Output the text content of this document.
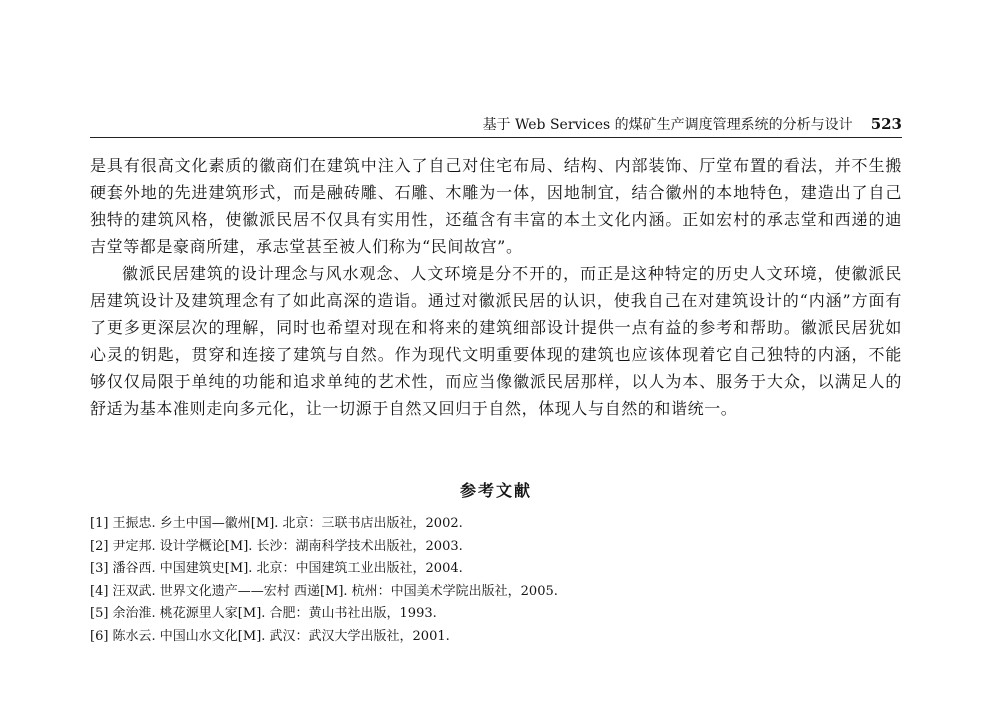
基于 Web Services 的煤矿生产调度管理系统的分析与设计 523

是具有很高文化素质的徽商们在建筑中注入了自己对住宅布局、结构、内部装饰、厅堂布置的看法，并不生搬硬套外地的先进建筑形式，而是融砖雕、石雕、木雕为一体，因地制宜，结合徽州的本地特色，建造出了自己独特的建筑风格，使徽派民居不仅具有实用性，还蕴含有丰富的本土文化内涵。正如宏村的承志堂和西递的迪吉堂等都是豪商所建，承志堂甚至被人们称为“民间故宫”。

徽派民居建筑的设计理念与风水观念、人文环境是分不开的，而正是这种特定的历史人文环境，使徽派民居建筑设计及建筑理念有了如此高深的造诣。通过对徽派民居的认识，使我自己在对建筑设计的“内涵”方面有了更多更深层次的理解，同时也希望对现在和将来的建筑细部设计提供一点有益的参考和帮助。徽派民居犹如心灵的钥匙，贯穿和连接了建筑与自然。作为现代文明重要体现的建筑也应该体现着它自己独特的内涵，不能够仅仅局限于单纯的功能和追求单纯的艺术性，而应当像徽派民居那样，以人为本、服务于大众，以满足人的舒适为基本准则走向多元化，让一切源于自然又回归于自然，体现人与自然的和谐统一。

参考文献
[1] 王振忠. 乡土中国—徽州[M]. 北京：三联书店出版社，2002.
[2] 尹定邦. 设计学概论[M]. 长沙：湖南科学技术出版社，2003.
[3] 潘谷西. 中国建筑史[M]. 北京：中国建筑工业出版社，2004.
[4] 汪双武. 世界文化遗产——宏村 西递[M]. 杭州：中国美术学院出版社，2005.
[5] 余治淮. 桃花源里人家[M]. 合肥：黄山书社出版，1993.
[6] 陈水云. 中国山水文化[M]. 武汉：武汉大学出版社，2001.
